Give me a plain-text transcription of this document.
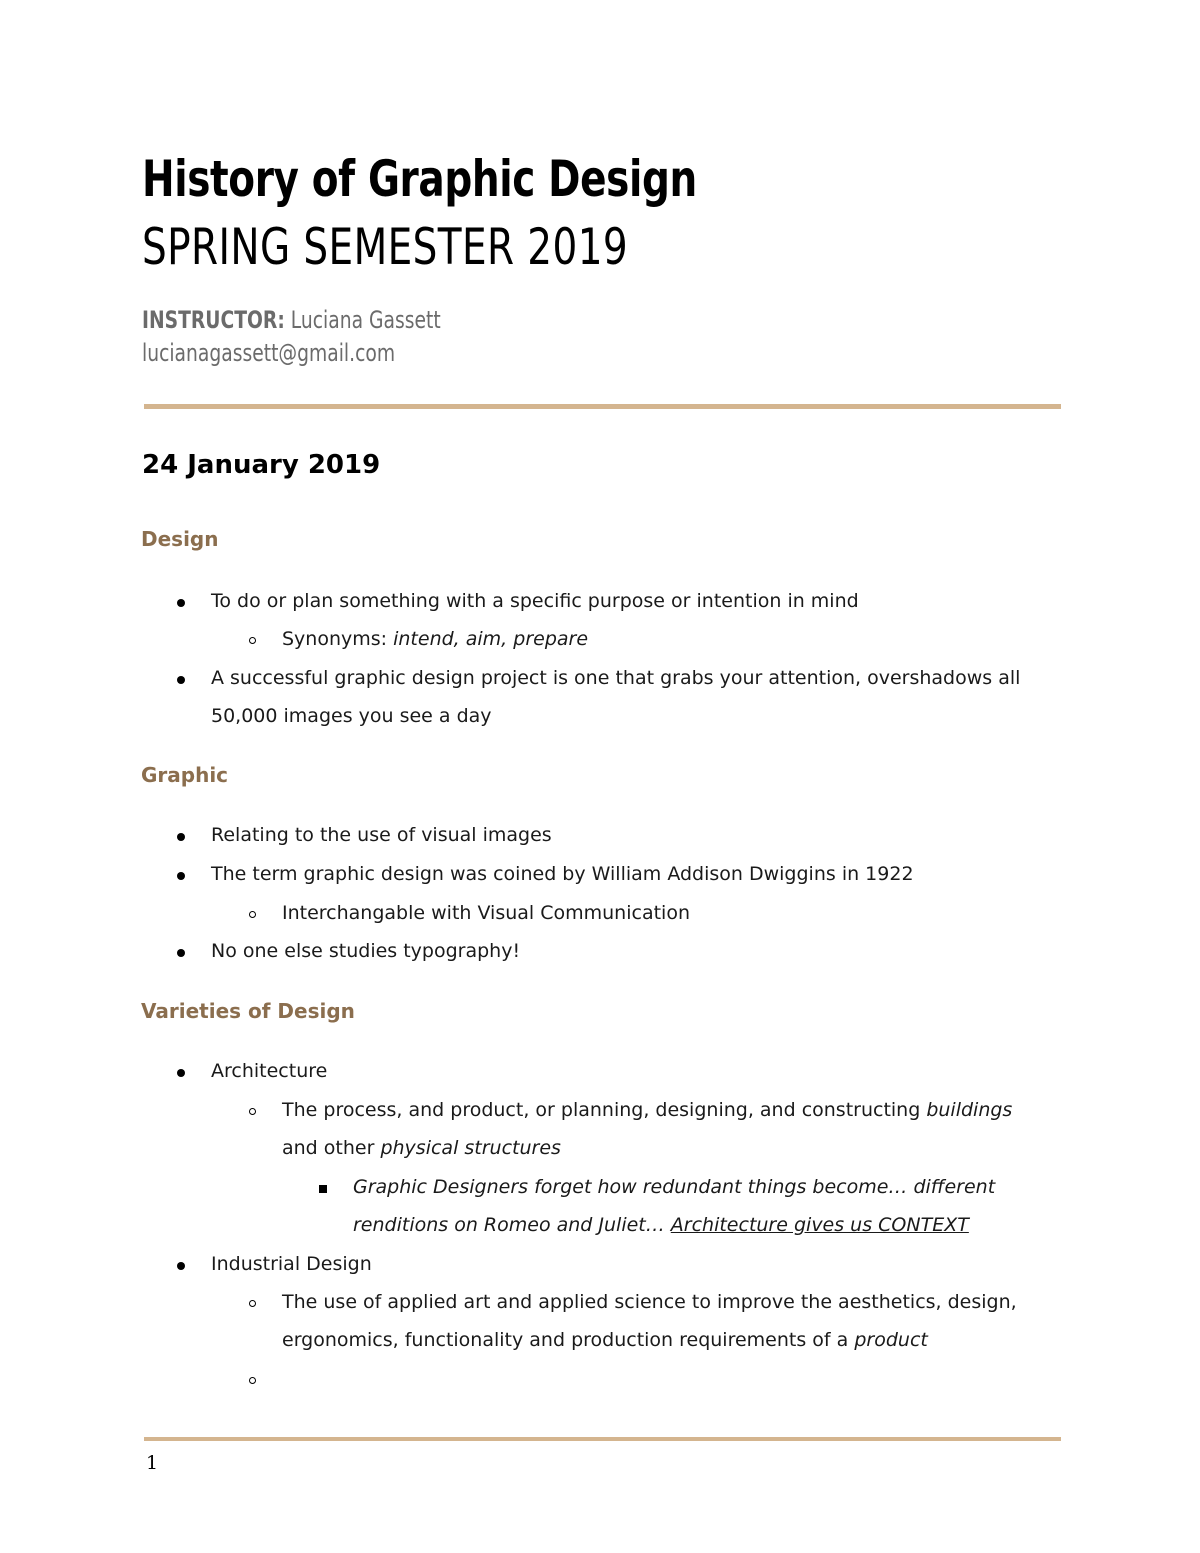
History of Graphic Design
SPRING SEMESTER 2019
INSTRUCTOR: Luciana Gassett
lucianagassett@gmail.com
24 January 2019
Design
To do or plan something with a specific purpose or intention in mind
Synonyms: intend, aim, prepare
A successful graphic design project is one that grabs your attention, overshadows all
50,000 images you see a day
Graphic
Relating to the use of visual images
The term graphic design was coined by William Addison Dwiggins in 1922
Interchangable with Visual Communication
No one else studies typography!
Varieties of Design
Architecture
The process, and product, or planning, designing, and constructing buildings
and other physical structures
Graphic Designers forget how redundant things become… different
renditions on Romeo and Juliet… Architecture gives us CONTEXT
Industrial Design
The use of applied art and applied science to improve the aesthetics, design,
ergonomics, functionality and production requirements of a product
1
